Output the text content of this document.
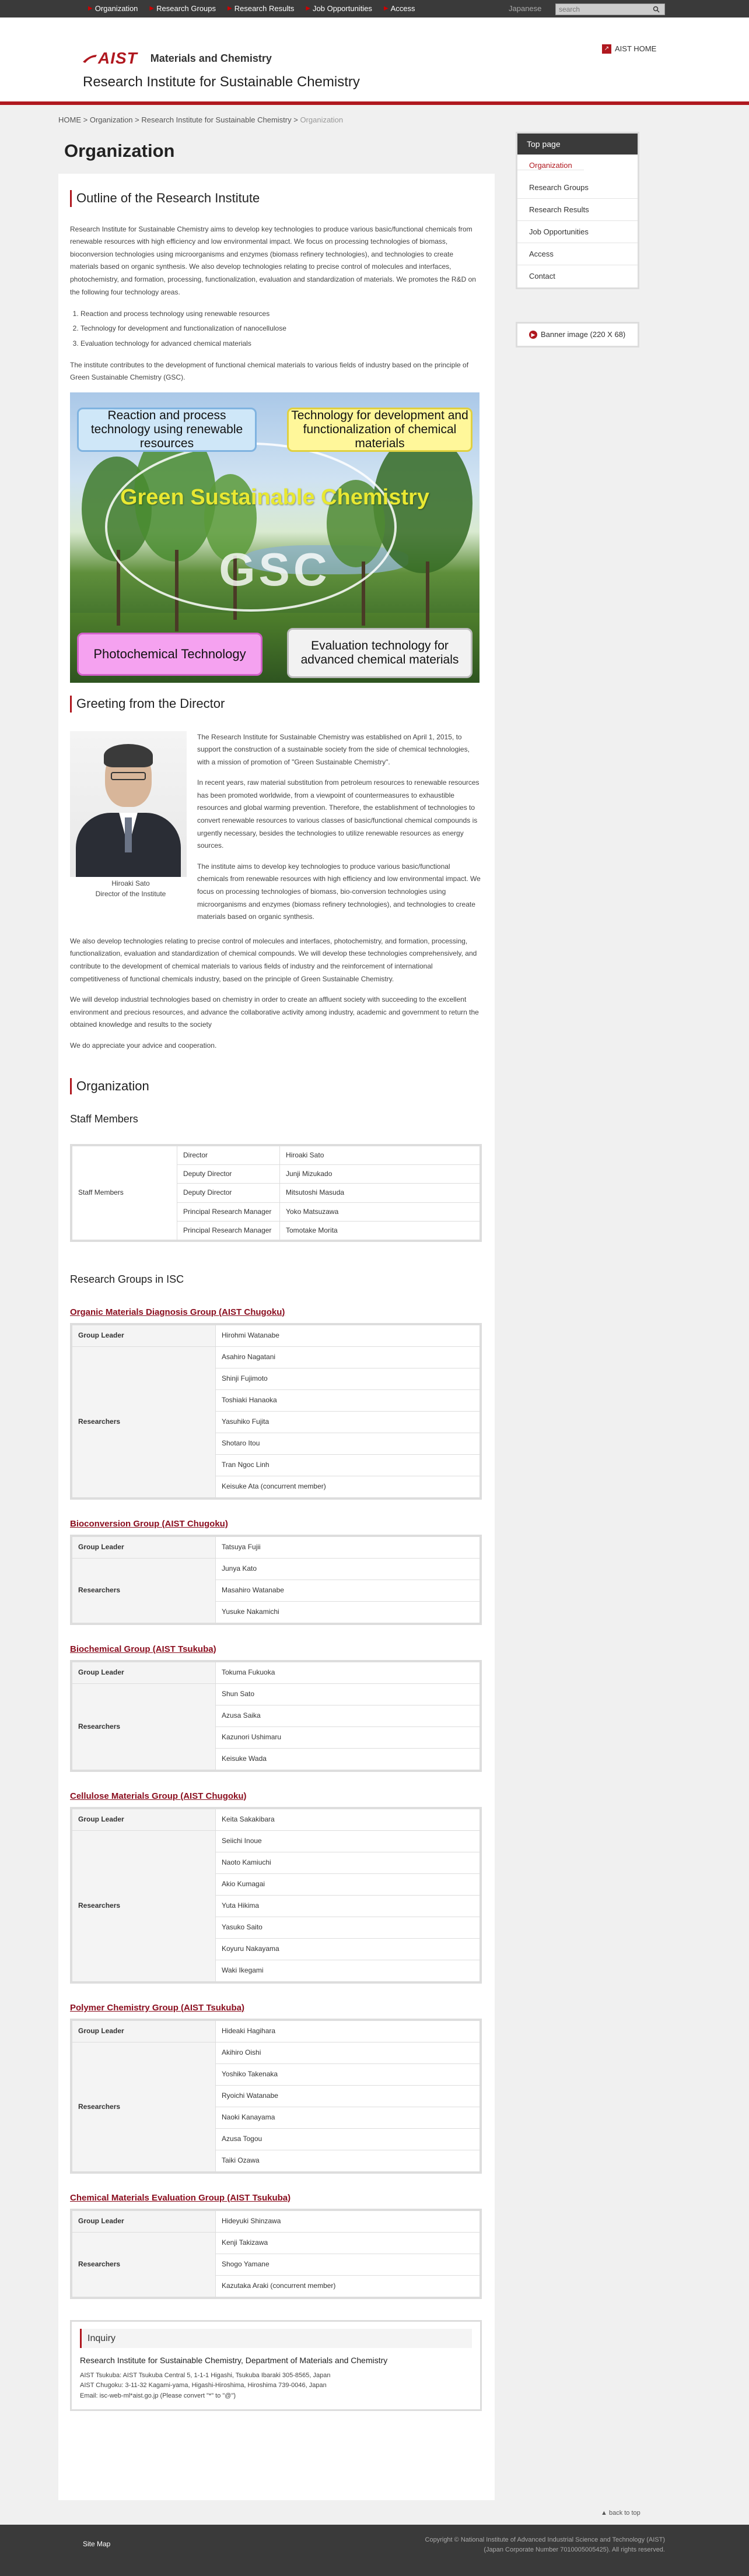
▶ Organization ▶ Research Groups ▶ Research Results ▶ Job Opportunities ▶ Access	Japanese
search
AIST Materials and Chemistry
Research Institute for Sustainable Chemistry
↗ AIST HOME
HOME > Organization > Research Institute for Sustainable Chemistry > Organization
Organization
Outline of the Research Institute

Research Institute for Sustainable Chemistry aims to develop key technologies to produce various basic/functional chemicals from renewable resources with high efficiency and low environmental impact. We focus on processing technologies of biomass, bioconversion technologies using microorganisms and enzymes (biomass refinery technologies), and technologies to create materials based on organic synthesis. We also develop technologies relating to precise control of molecules and interfaces, photochemistry, and formation, processing, functionalization, evaluation and standardization of materials. We promotes the R&D on the following four technology areas.

1. Reaction and process technology using renewable resources
2. Technology for development and functionalization of nanocellulose
3. Evaluation technology for advanced chemical materials

The institute contributes to the development of functional chemical materials to various fields of industry based on the principle of Green Sustainable Chemistry (GSC).

Green Sustainable Chemistry
GSC
Reaction and process technology using renewable resources
Technology for development and functionalization of chemical materials
Photochemical Technology
Evaluation technology for advanced chemical materials
Greeting from the Director
Hiroaki Sato
Director of the Institute

The Research Institute for Sustainable Chemistry was established on April 1, 2015, to support the construction of a sustainable society from the side of chemical technologies, with a mission of promotion of "Green Sustainable Chemistry".

In recent years, raw material substitution from petroleum resources to renewable resources has been promoted worldwide, from a viewpoint of countermeasures to exhaustible resources and global warming prevention. Therefore, the establishment of technologies to convert renewable resources to various classes of basic/functional chemical compounds is urgently necessary, besides the technologies to utilize renewable resources as energy sources.

The institute aims to develop key technologies to produce various basic/functional chemicals from renewable resources with high efficiency and low environmental impact. We focus on processing technologies of biomass, bio-conversion technologies using microorganisms and enzymes (biomass refinery technologies), and technologies to create materials based on organic synthesis.

We also develop technologies relating to precise control of molecules and interfaces, photochemistry, and formation, processing, functionalization, evaluation and standardization of chemical compounds. We will develop these technologies comprehensively, and contribute to the development of chemical materials to various fields of industry and the reinforcement of international competitiveness of functional chemicals industry, based on the principle of Green Sustainable Chemistry.

We will develop industrial technologies based on chemistry in order to create an affluent society with succeeding to the excellent environment and precious resources, and advance the collaborative activity among industry, academic and government to return the obtained knowledge and results to the society

We do appreciate your advice and cooperation.

Organization
Staff Members
Staff Members	Director	Hiroaki Sato
	Deputy Director	Junji Mizukado
	Deputy Director	Mitsutoshi Masuda
	Principal Research Manager	Yoko Matsuzawa
	Principal Research Manager	Tomotake Morita
Research Groups in ISC
Organic Materials Diagnosis Group (AIST Chugoku)
Group Leader	Hirohmi Watanabe
Researchers	Asahiro Nagatani
	Shinji Fujimoto
	Toshiaki Hanaoka
	Yasuhiko Fujita
	Shotaro Itou
	Tran Ngoc Linh
	Keisuke Ata (concurrent member)
Bioconversion Group (AIST Chugoku)
Group Leader	Tatsuya Fujii
Researchers	Junya Kato
	Masahiro Watanabe
	Yusuke Nakamichi
Biochemical Group (AIST Tsukuba)
Group Leader	Tokuma Fukuoka
Researchers	Shun Sato
	Azusa Saika
	Kazunori Ushimaru
	Keisuke Wada
Cellulose Materials Group (AIST Chugoku)
Group Leader	Keita Sakakibara
Researchers	Seiichi Inoue
	Naoto Kamiuchi
	Akio Kumagai
	Yuta Hikima
	Yasuko Saito
	Koyuru Nakayama
	Waki Ikegami
Polymer Chemistry Group (AIST Tsukuba)
Group Leader	Hideaki Hagihara
Researchers	Akihiro Oishi
	Yoshiko Takenaka
	Ryoichi Watanabe
	Naoki Kanayama
	Azusa Togou
	Taiki Ozawa
Chemical Materials Evaluation Group (AIST Tsukuba)
Group Leader	Hideyuki Shinzawa
Researchers	Kenji Takizawa
	Shogo Yamane
	Kazutaka Araki (concurrent member)
Inquiry
Research Institute for Sustainable Chemistry, Department of Materials and Chemistry
AIST Tsukuba: AIST Tsukuba Central 5, 1-1-1 Higashi, Tsukuba Ibaraki 305-8565, Japan
AIST Chugoku: 3-11-32 Kagami-yama, Higashi-Hiroshima, Hiroshima 739-0046, Japan
Email: isc-web-ml*aist.go.jp (Please convert "*" to "@")
Top page
Organization
Research Groups
Research Results
Job Opportunities
Access
Contact
▶ Banner image (220 X 68)
▲ back to top
Site Map	Copyright © National Institute of Advanced Industrial Science and Technology (AIST)
(Japan Corporate Number 7010005005425). All rights reserved.
